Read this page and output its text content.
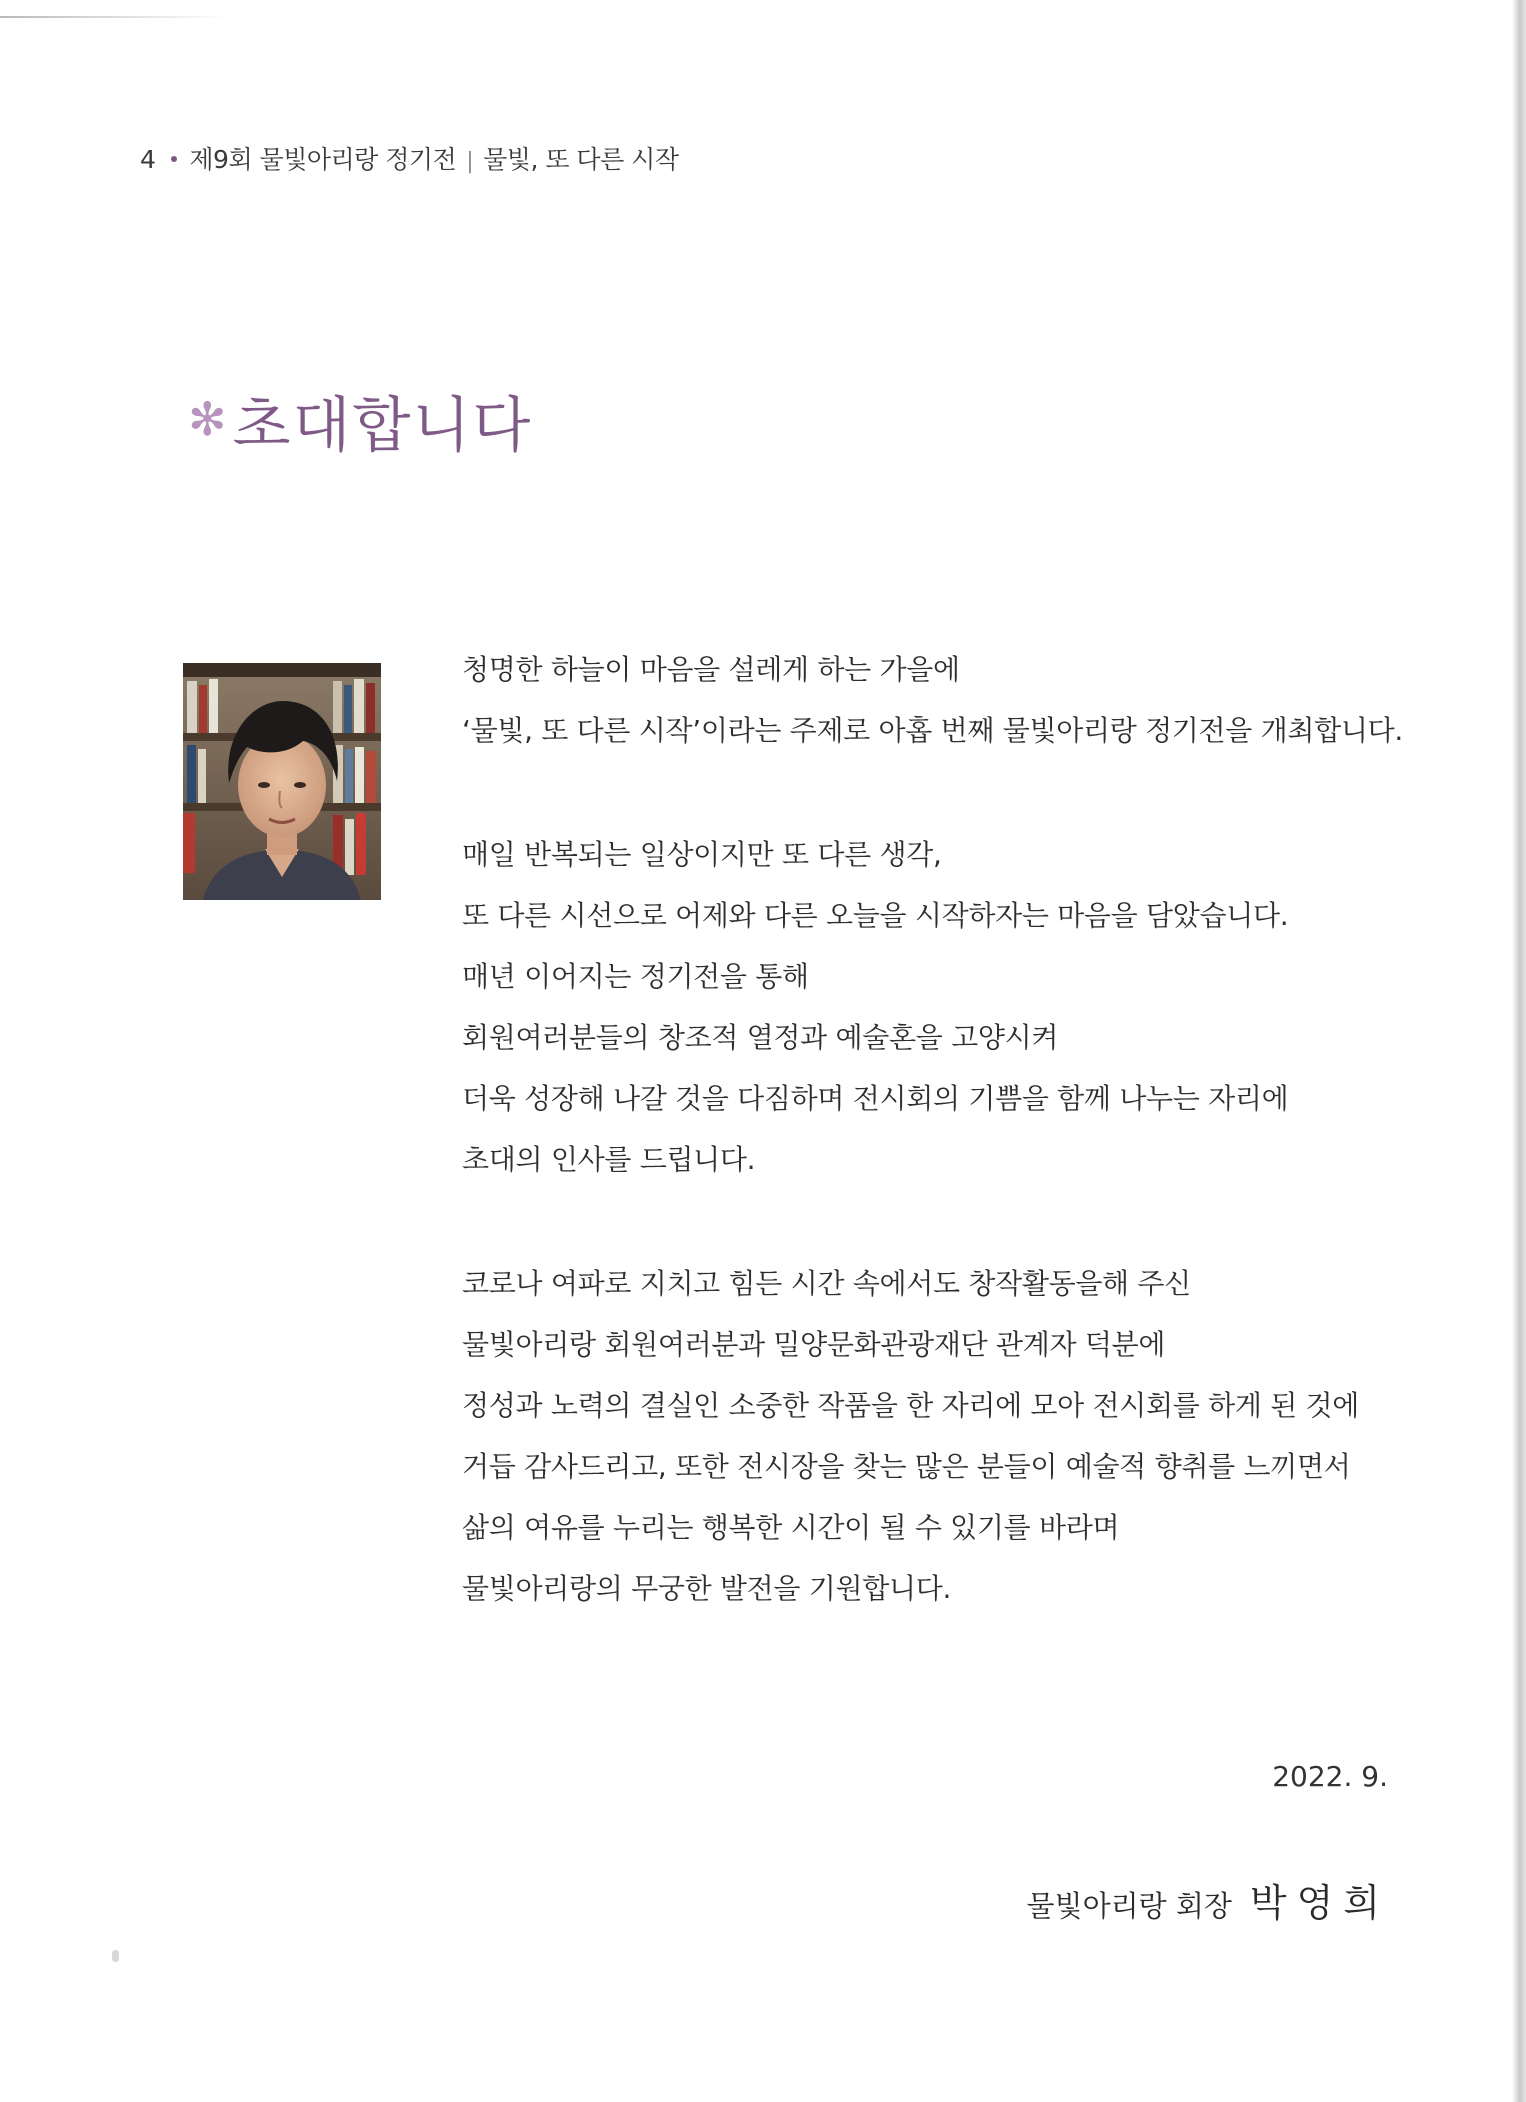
4 제9회 물빛아리랑 정기전 | 물빛, 또 다른 시작
✻ 초대합니다
청명한 하늘이 마음을 설레게 하는 가을에
‘물빛, 또 다른 시작’이라는 주제로 아홉 번째 물빛아리랑 정기전을 개최합니다.
매일 반복되는 일상이지만 또 다른 생각,
또 다른 시선으로 어제와 다른 오늘을 시작하자는 마음을 담았습니다.
매년 이어지는 정기전을 통해
회원여러분들의 창조적 열정과 예술혼을 고양시켜
더욱 성장해 나갈 것을 다짐하며 전시회의 기쁨을 함께 나누는 자리에
초대의 인사를 드립니다.
코로나 여파로 지치고 힘든 시간 속에서도 창작활동을해 주신
물빛아리랑 회원여러분과 밀양문화관광재단 관계자 덕분에
정성과 노력의 결실인 소중한 작품을 한 자리에 모아 전시회를 하게 된 것에
거듭 감사드리고, 또한 전시장을 찾는 많은 분들이 예술적 향취를 느끼면서
삶의 여유를 누리는 행복한 시간이 될 수 있기를 바라며
물빛아리랑의 무궁한 발전을 기원합니다.
2022. 9.
물빛아리랑 회장 박영희
